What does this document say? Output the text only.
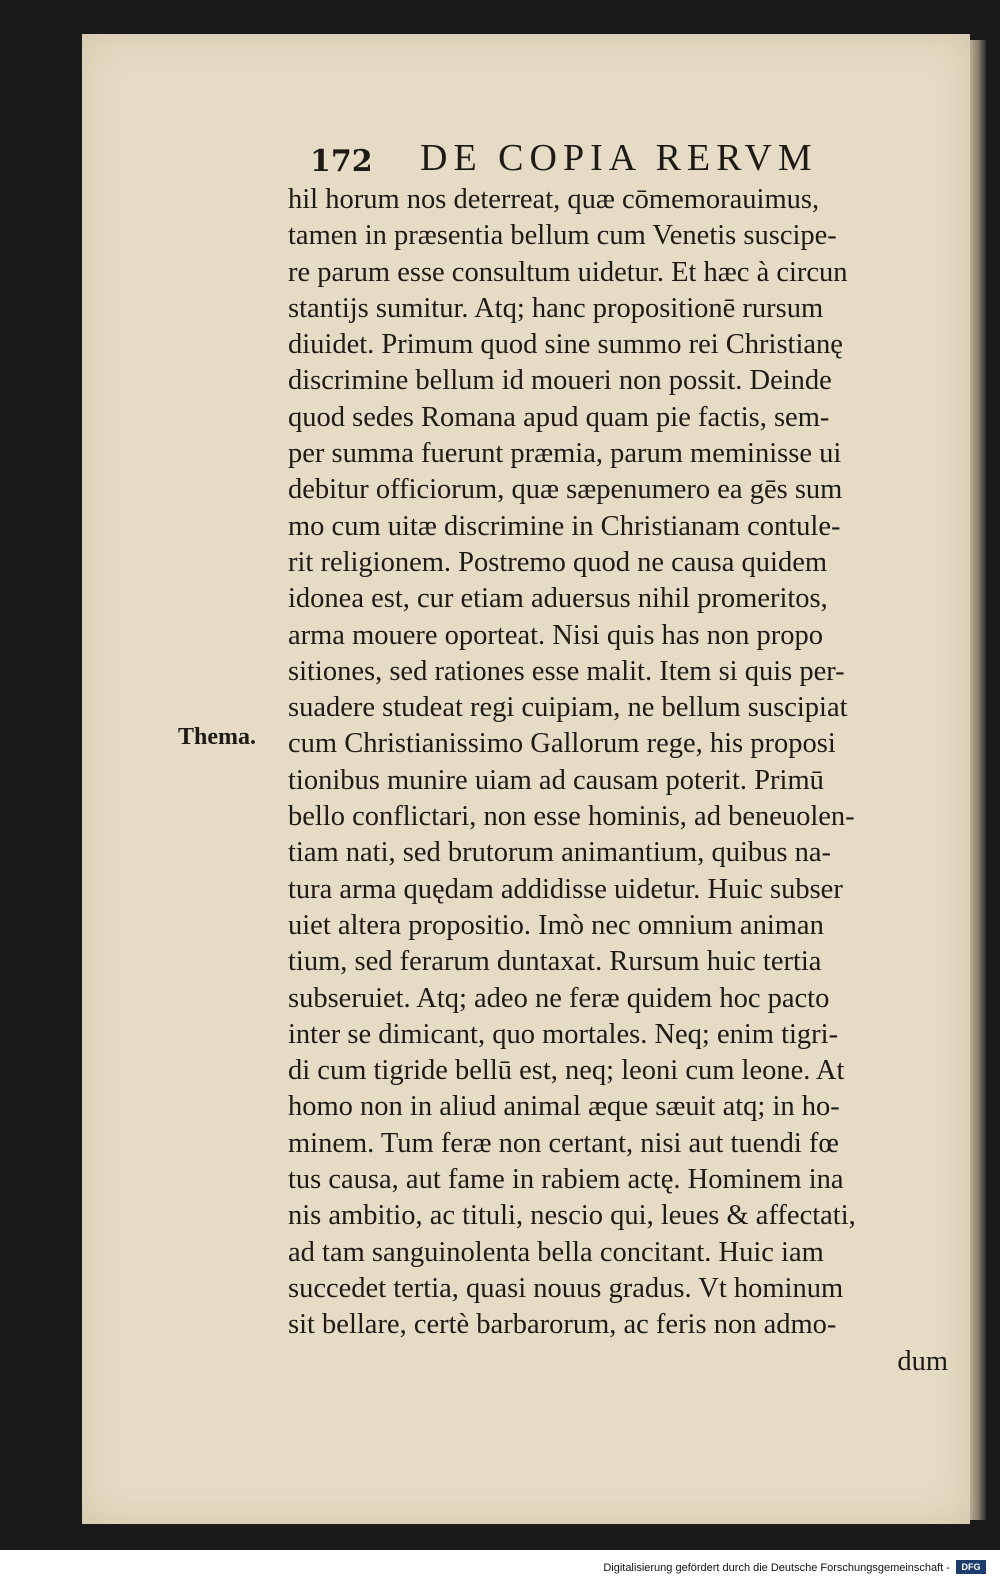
172 DE COPIA RERVM
Thema.
hil horum nos deterreat, quæ cōmemorauimus,
tamen in præsentia bellum cum Venetis suscipe-
re parum esse consultum uidetur. Et hæc à circun
stantijs sumitur. Atq; hanc propositionē rursum
diuidet. Primum quod sine summo rei Christianę
discrimine bellum id moueri non possit. Deinde
quod sedes Romana apud quam pie factis, sem-
per summa fuerunt præmia, parum meminisse ui
debitur officiorum, quæ sæpenumero ea gēs sum
mo cum uitæ discrimine in Christianam contule-
rit religionem. Postremo quod ne causa quidem
idonea est, cur etiam aduersus nihil promeritos,
arma mouere oporteat. Nisi quis has non propo
sitiones, sed rationes esse malit. Item si quis per-
suadere studeat regi cuipiam, ne bellum suscipiat
cum Christianissimo Gallorum rege, his proposi
tionibus munire uiam ad causam poterit. Primū
bello conflictari, non esse hominis, ad beneuolen-
tiam nati, sed brutorum animantium, quibus na-
tura arma quędam addidisse uidetur. Huic subser
uiet altera propositio. Imò nec omnium animan
tium, sed ferarum duntaxat. Rursum huic tertia
subseruiet. Atq; adeo ne feræ quidem hoc pacto
inter se dimicant, quo mortales. Neq; enim tigri-
di cum tigride bellū est, neq; leoni cum leone. At
homo non in aliud animal æque sæuit atq; in ho-
minem. Tum feræ non certant, nisi aut tuendi fœ
tus causa, aut fame in rabiem actę. Hominem ina
nis ambitio, ac tituli, nescio qui, leues & affectati,
ad tam sanguinolenta bella concitant. Huic iam
succedet tertia, quasi nouus gradus. Vt hominum
sit bellare, certè barbarorum, ac feris non admo-
dum
Digitalisierung gefördert durch die Deutsche Forschungsgemeinschaft -	DFG
